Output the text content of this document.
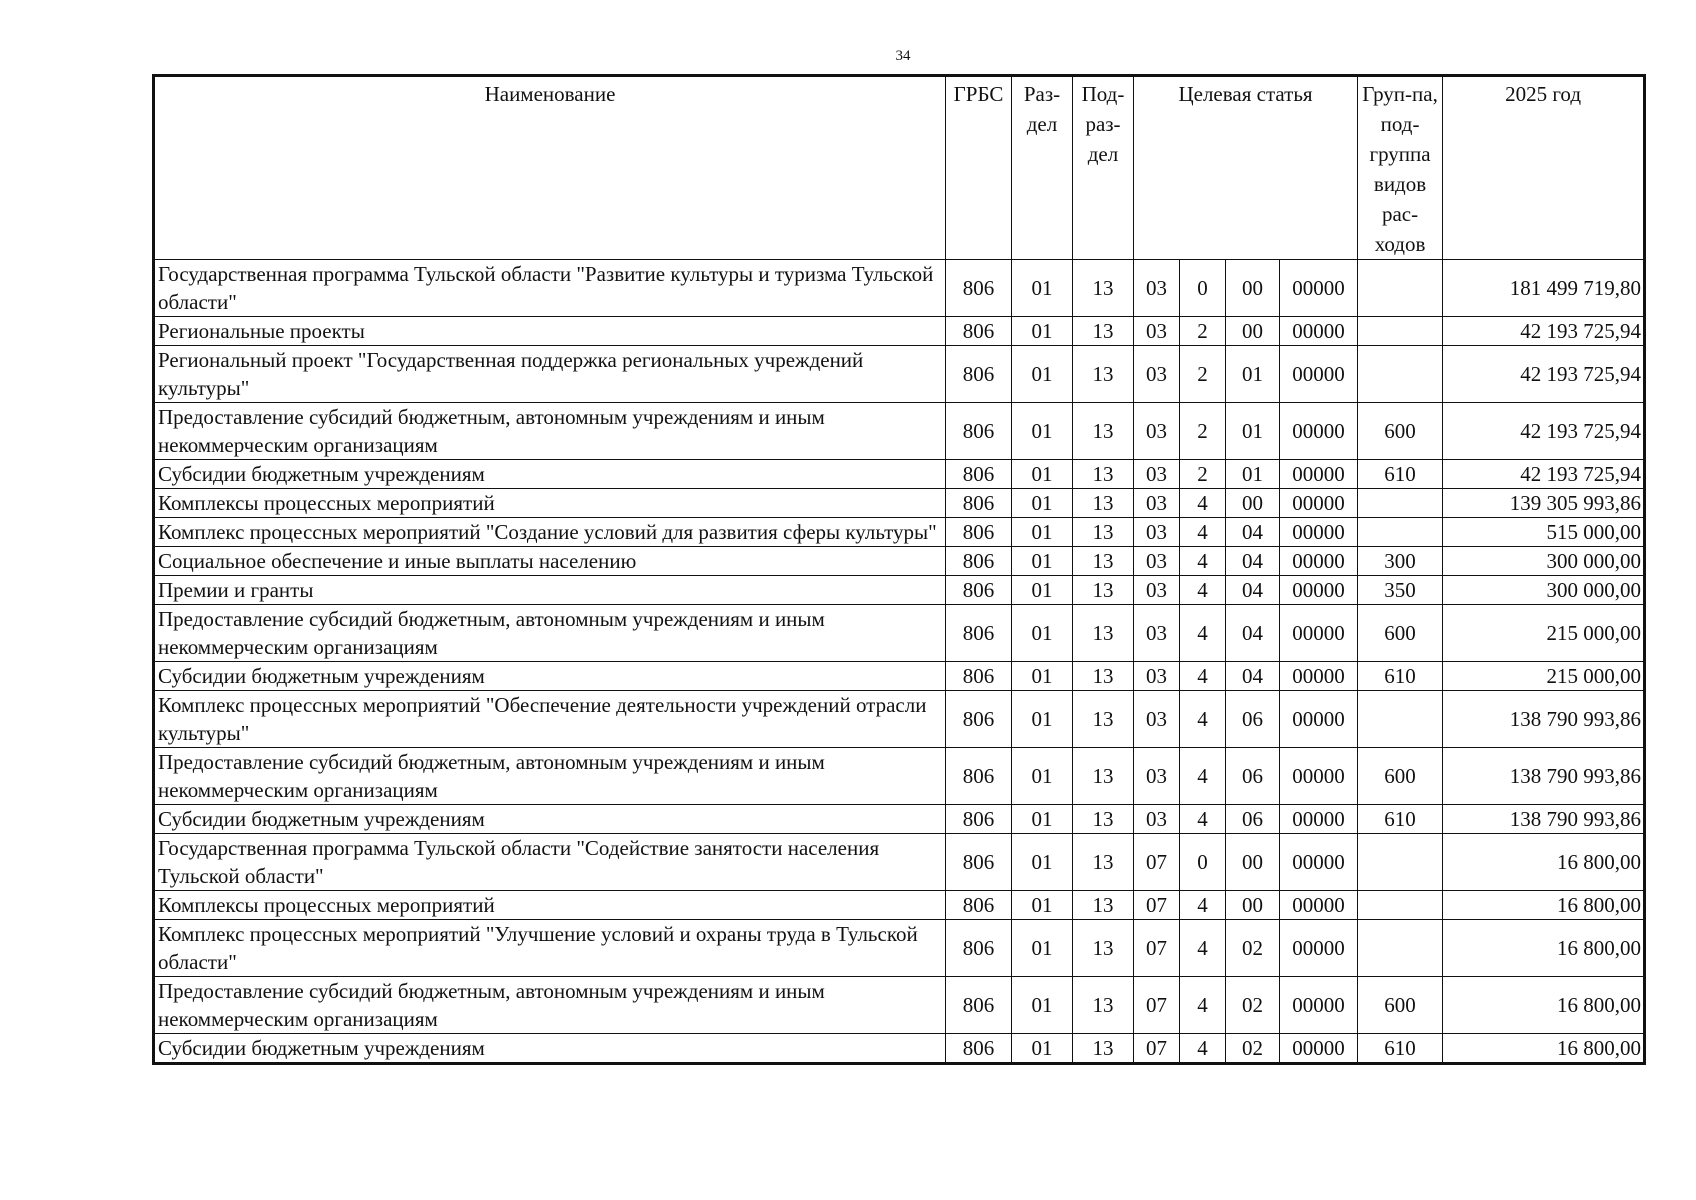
34
Наименование	ГРБС	Раз-дел	Под-раз-дел	Целевая статья				Груп-па, под-группа видов рас-ходов	2025 год
Государственная программа Тульской области "Развитие культуры и туризма Тульской области"	806	01	13	03	0	00	00000		181 499 719,80
Региональные проекты	806	01	13	03	2	00	00000		42 193 725,94
Региональный проект "Государственная поддержка региональных учреждений культуры"	806	01	13	03	2	01	00000		42 193 725,94
Предоставление субсидий бюджетным, автономным учреждениям и иным некоммерческим организациям	806	01	13	03	2	01	00000	600	42 193 725,94
Субсидии бюджетным учреждениям	806	01	13	03	2	01	00000	610	42 193 725,94
Комплексы процессных мероприятий	806	01	13	03	4	00	00000		139 305 993,86
Комплекс процессных мероприятий "Создание условий для развития сферы культуры"	806	01	13	03	4	04	00000		515 000,00
Социальное обеспечение и иные выплаты населению	806	01	13	03	4	04	00000	300	300 000,00
Премии и гранты	806	01	13	03	4	04	00000	350	300 000,00
Предоставление субсидий бюджетным, автономным учреждениям и иным некоммерческим организациям	806	01	13	03	4	04	00000	600	215 000,00
Субсидии бюджетным учреждениям	806	01	13	03	4	04	00000	610	215 000,00
Комплекс процессных мероприятий "Обеспечение деятельности учреждений отрасли культуры"	806	01	13	03	4	06	00000		138 790 993,86
Предоставление субсидий бюджетным, автономным учреждениям и иным некоммерческим организациям	806	01	13	03	4	06	00000	600	138 790 993,86
Субсидии бюджетным учреждениям	806	01	13	03	4	06	00000	610	138 790 993,86
Государственная программа Тульской области "Содействие занятости населения Тульской области"	806	01	13	07	0	00	00000		16 800,00
Комплексы процессных мероприятий	806	01	13	07	4	00	00000		16 800,00
Комплекс процессных мероприятий "Улучшение условий и охраны труда в Тульской области"	806	01	13	07	4	02	00000		16 800,00
Предоставление субсидий бюджетным, автономным учреждениям и иным некоммерческим организациям	806	01	13	07	4	02	00000	600	16 800,00
Субсидии бюджетным учреждениям	806	01	13	07	4	02	00000	610	16 800,00
